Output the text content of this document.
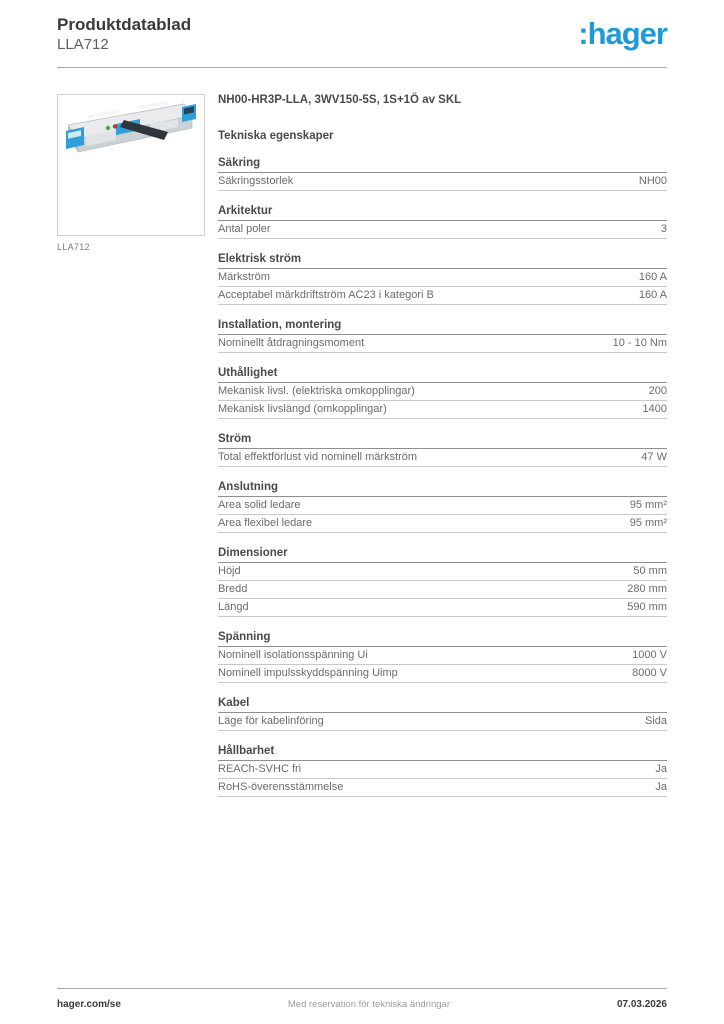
Produktdatablad
LLA712	:hager
LLA712
NH00-HR3P-LLA, 3WV150-5S, 1S+1Ö av SKL
Tekniska egenskaper
Säkring
Säkringsstorlek	NH00
Arkitektur
Antal poler	3
Elektrisk ström
Märkström	160 A
Acceptabel märkdriftström AC23 i kategori B	160 A
Installation, montering
Nominellt åtdragningsmoment	10 - 10 Nm
Uthållighet
Mekanisk livsl. (elektriska omkopplingar)	200
Mekanisk livslängd (omkopplingar)	1400
Ström
Total effektförlust vid nominell märkström	47 W
Anslutning
Area solid ledare	95 mm²
Area flexibel ledare	95 mm²
Dimensioner
Höjd	50 mm
Bredd	280 mm
Längd	590 mm
Spänning
Nominell isolationsspänning Ui	1000 V
Nominell impulsskyddspänning Uimp	8000 V
Kabel
Läge för kabelinföring	Sida
Hållbarhet
REACh-SVHC fri	Ja
RoHS-överensstämmelse	Ja
hager.com/se	Med reservation för tekniska ändringar	07.03.2026
